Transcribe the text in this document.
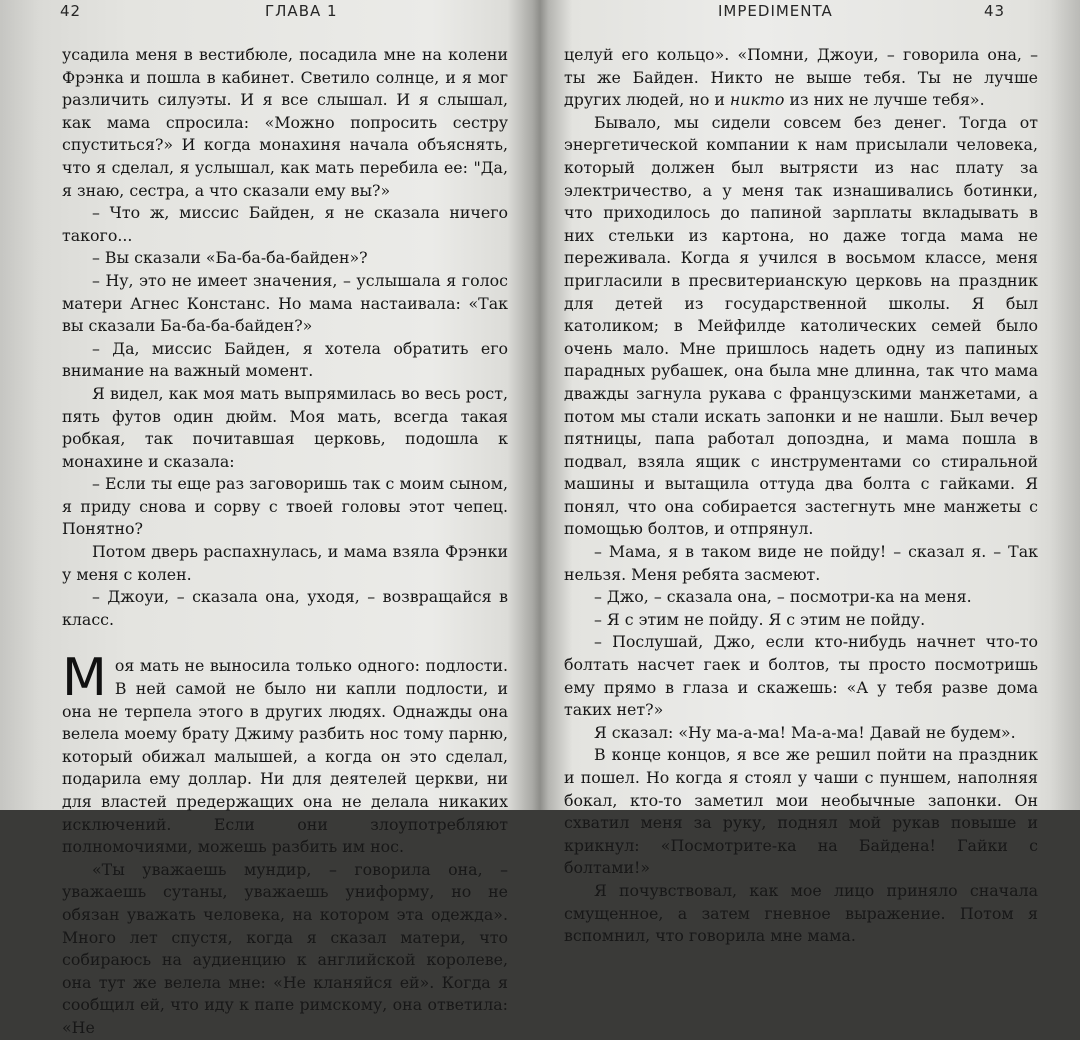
42	ГЛАВА 1

усадила меня в вестибюле, посадила мне на колени Фрэнка и пошла в кабинет. Светило солнце, и я мог различить силуэты. И я все слышал. И я слышал, как мама спросила: «Можно попросить сестру спуститься?» И когда монахиня начала объяснять, что я сделал, я услышал, как мать перебила ее: "Да, я знаю, сестра, а что сказали ему вы?»

– Что ж, миссис Байден, я не сказала ничего такого...

– Вы сказали «Ба-ба-ба-байден»?

– Ну, это не имеет значения, – услышала я голос матери Агнес Констанс. Но мама настаивала: «Так вы сказали Ба-ба-ба-байден?»

– Да, миссис Байден, я хотела обратить его внимание на важный момент.

Я видел, как моя мать выпрямилась во весь рост, пять футов один дюйм. Моя мать, всегда такая робкая, так почитавшая церковь, подошла к монахине и сказала:

– Если ты еще раз заговоришь так с моим сыном, я приду снова и сорву с твоей головы этот чепец. Понятно?

Потом дверь распахнулась, и мама взяла Фрэнки у меня с колен.

– Джоуи, – сказала она, уходя, – возвращайся в класс.

Моя мать не выносила только одного: подлости. В ней самой не было ни капли подлости, и она не терпела этого в других людях. Однажды она велела моему брату Джиму разбить нос тому парню, который обижал малышей, а когда он это сделал, подарила ему доллар. Ни для деятелей церкви, ни для властей предержащих она не делала никаких исключений. Если они злоупотребляют полномочиями, можешь разбить им нос.

«Ты уважаешь мундир, – говорила она, – уважаешь сутаны, уважаешь униформу, но не обязан уважать человека, на котором эта одежда». Много лет спустя, когда я сказал матери, что собираюсь на аудиенцию к английской королеве, она тут же велела мне: «Не кланяйся ей». Когда я сообщил ей, что иду к папе римскому, она ответила: «Не

IMPEDIMENTA	43

целуй его кольцо». «Помни, Джоуи, – говорила она, – ты же Байден. Никто не выше тебя. Ты не лучше других людей, но и никто из них не лучше тебя».

Бывало, мы сидели совсем без денег. Тогда от энергетической компании к нам присылали человека, который должен был вытрясти из нас плату за электричество, а у меня так изнашивались ботинки, что приходилось до папиной зарплаты вкладывать в них стельки из картона, но даже тогда мама не переживала. Когда я учился в восьмом классе, меня пригласили в пресвитерианскую церковь на праздник для детей из государственной школы. Я был католиком; в Мейфилде католических семей было очень мало. Мне пришлось надеть одну из папиных парадных рубашек, она была мне длинна, так что мама дважды загнула рукава с французскими манжетами, а потом мы стали искать запонки и не нашли. Был вечер пятницы, папа работал допоздна, и мама пошла в подвал, взяла ящик с инструментами со стиральной машины и вытащила оттуда два болта с гайками. Я понял, что она собирается застегнуть мне манжеты с помощью болтов, и отпрянул.

– Мама, я в таком виде не пойду! – сказал я. – Так нельзя. Меня ребята засмеют.

– Джо, – сказала она, – посмотри-ка на меня.

– Я с этим не пойду. Я с этим не пойду.

– Послушай, Джо, если кто-нибудь начнет что-то болтать насчет гаек и болтов, ты просто посмотришь ему прямо в глаза и скажешь: «А у тебя разве дома таких нет?»

Я сказал: «Ну ма-а-ма! Ма-а-ма! Давай не будем».

В конце концов, я все же решил пойти на праздник и пошел. Но когда я стоял у чаши с пуншем, наполняя бокал, кто-то заметил мои необычные запонки. Он схватил меня за руку, поднял мой рукав повыше и крикнул: «Посмотрите-ка на Байдена! Гайки с болтами!»

Я почувствовал, как мое лицо приняло сначала смущенное, а затем гневное выражение. Потом я вспомнил, что говорила мне мама.
